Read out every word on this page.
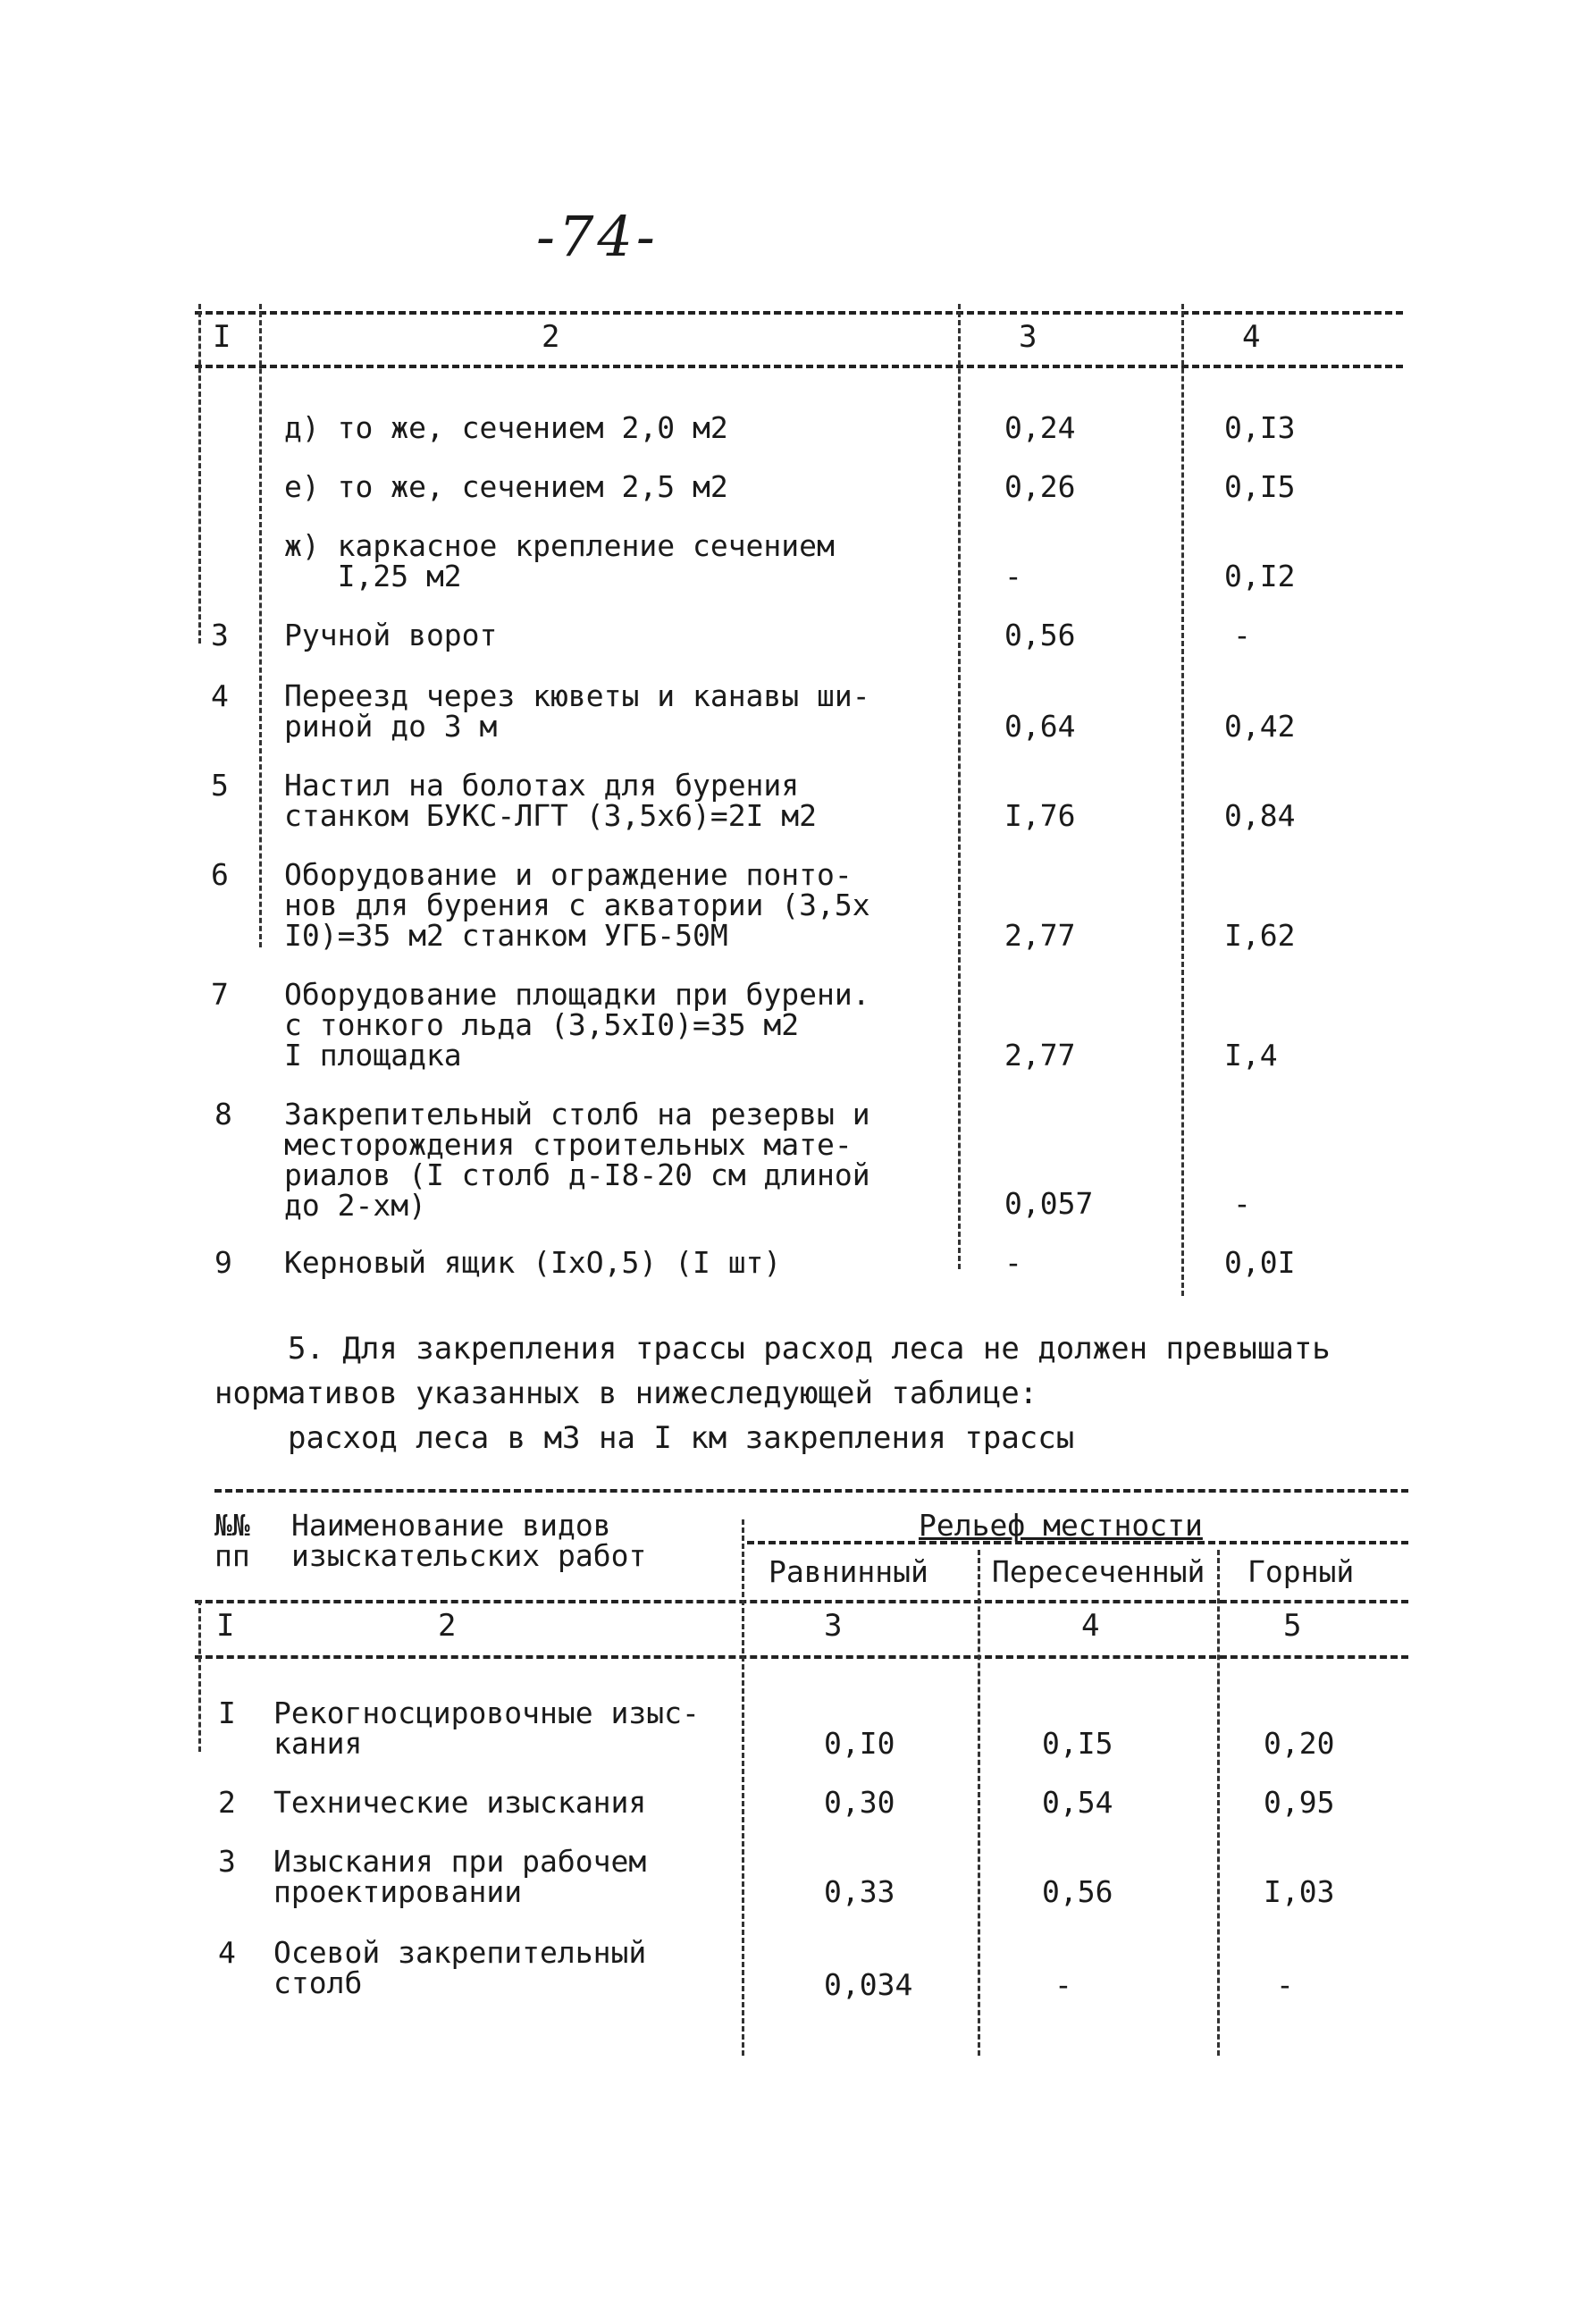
-74-
I	2	3	4
д) то же, сечением 2,0 м2	0,24	0,I3
е) то же, сечением 2,5 м2	0,26	0,I5
ж) каркасное крепление сечением
I,25 м2	-	0,I2
3 Ручной ворот	0,56	-
4 Переезд через кюветы и канавы ши-
риной до 3 м	0,64	0,42
5 Настил на болотах для бурения
станком БУКС-ЛГТ (3,5х6)=2I м2	I,76	0,84
6 Оборудование и ограждение понто-
нов для бурения с акватории (3,5х
I0)=35 м2 станком УГБ-50М	2,77	I,62
7 Оборудование площадки при бурени.
с тонкого льда (3,5хI0)=35 м2
I площадка	2,77	I,4
8 Закрепительный столб на резервы и
месторождения строительных мате-
риалов (I столб д-I8-20 см длиной
до 2-хм)	0,057	-
9 Керновый ящик (IхО,5) (I шт)	-	0,0I
5. Для закрепления трассы расход леса не должен превышать
нормативов указанных в нижеследующей таблице:
расход леса в м3 на I км закрепления трассы
№№
пп
Наименование видов
изыскательских работ
Рельеф местности
Равнинный Пересеченный Горный
I	2	3	4	5
I Рекогносцировочные изыс-
кания	0,I0	0,I5	0,20
2 Технические изыскания	0,30	0,54	0,95
3 Изыскания при рабочем
проектировании	0,33	0,56	I,03
4 Осевой закрепительный
столб	0,034	-	-
